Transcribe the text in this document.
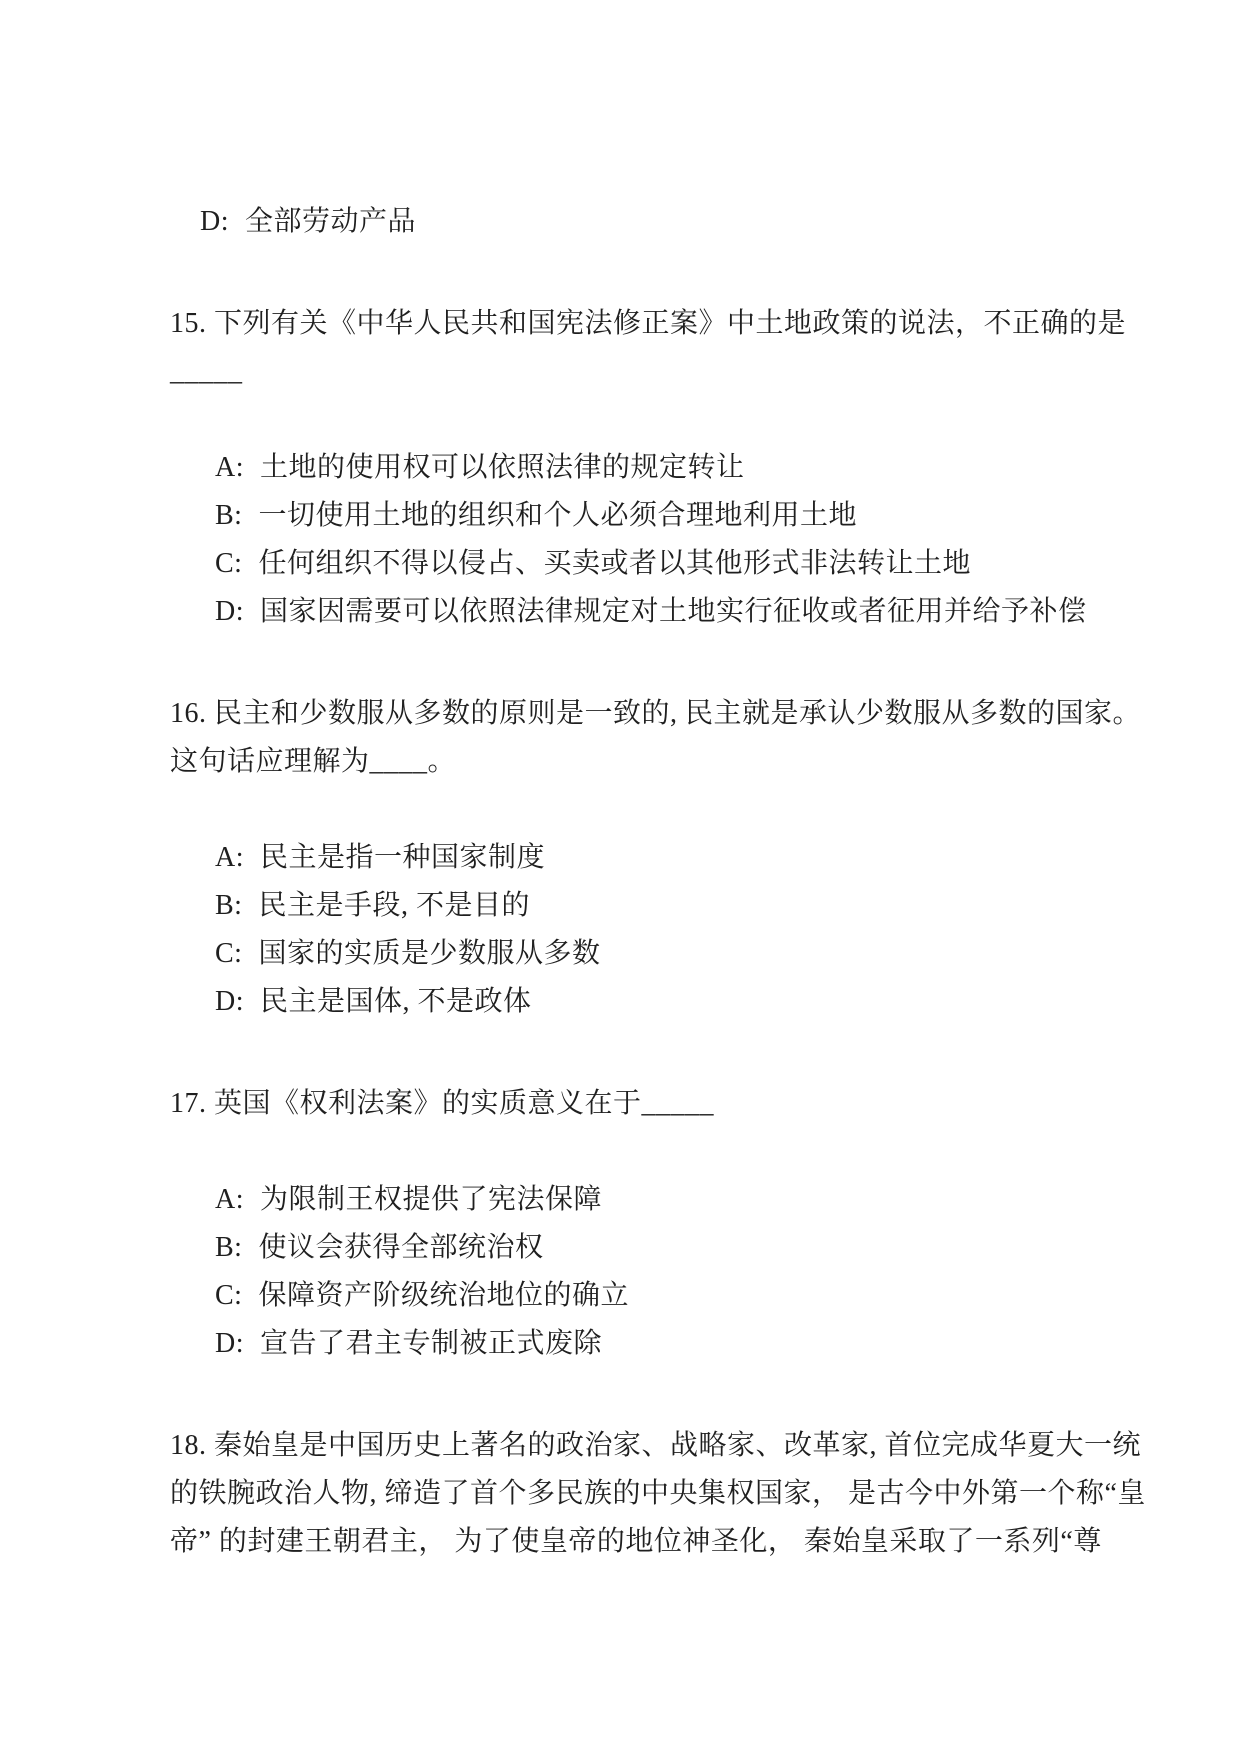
D: 全部劳动产品

15. 下列有关《中华人民共和国宪法修正案》中土地政策的说法，不正确的是
_____

A: 土地的使用权可以依照法律的规定转让

B: 一切使用土地的组织和个人必须合理地利用土地

C: 任何组织不得以侵占、买卖或者以其他形式非法转让土地

D: 国家因需要可以依照法律规定对土地实行征收或者征用并给予补偿

16. 民主和少数服从多数的原则是一致的, 民主就是承认少数服从多数的国家。
这句话应理解为____。

A: 民主是指一种国家制度

B: 民主是手段, 不是目的

C: 国家的实质是少数服从多数

D: 民主是国体, 不是政体

17. 英国《权利法案》的实质意义在于_____

A: 为限制王权提供了宪法保障

B: 使议会获得全部统治权

C: 保障资产阶级统治地位的确立

D: 宣告了君主专制被正式废除

18. 秦始皇是中国历史上著名的政治家、战略家、改革家, 首位完成华夏大一统
的铁腕政治人物, 缔造了首个多民族的中央集权国家， 是古今中外第一个称“皇
帝” 的封建王朝君主， 为了使皇帝的地位神圣化， 秦始皇采取了一系列“尊
